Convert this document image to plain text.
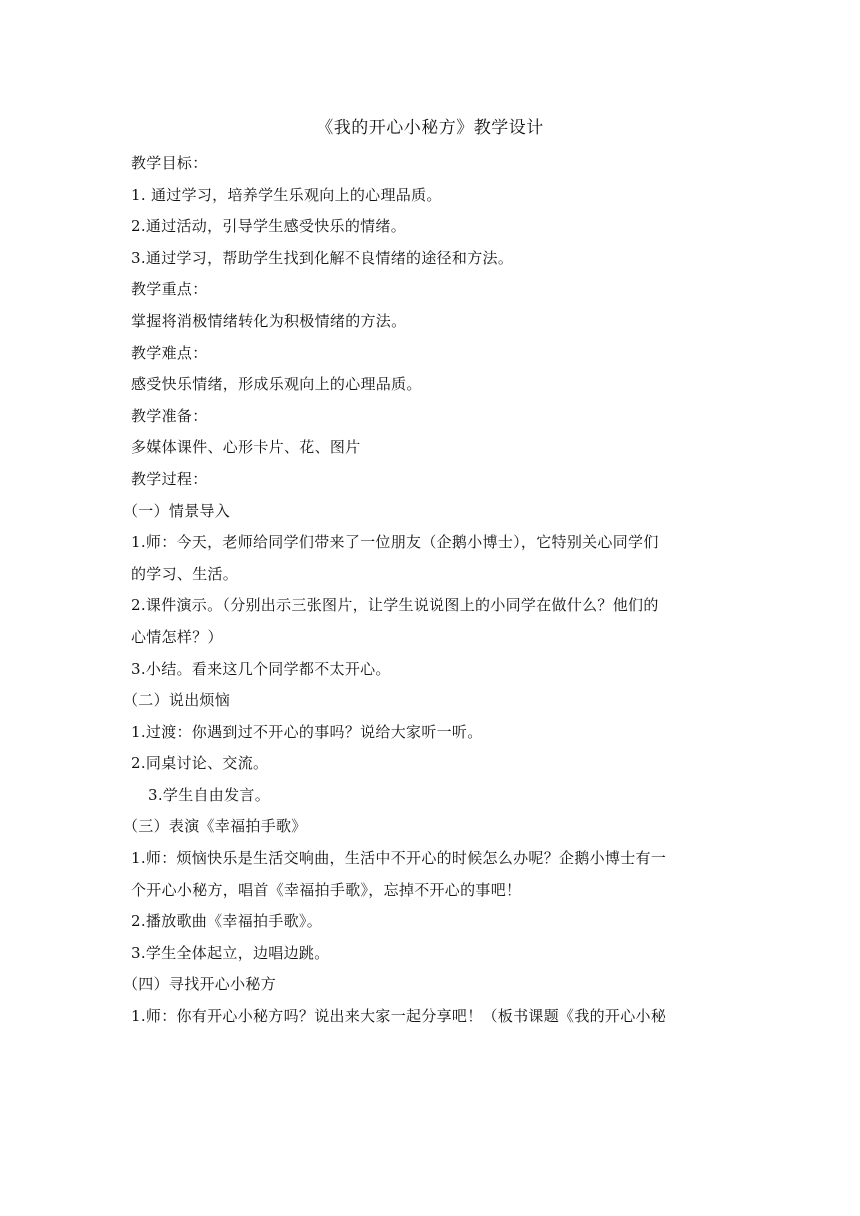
《我的开心小秘方》教学设计
教学目标：
1. 通过学习，培养学生乐观向上的心理品质。
2.通过活动，引导学生感受快乐的情绪。
3.通过学习，帮助学生找到化解不良情绪的途径和方法。
教学重点：
掌握将消极情绪转化为积极情绪的方法。
教学难点：
感受快乐情绪，形成乐观向上的心理品质。
教学准备：
多媒体课件、心形卡片、花、图片
教学过程：
（一）情景导入
1.师：今天，老师给同学们带来了一位朋友（企鹅小博士），它特别关心同学们
的学习、生活。
2.课件演示。（分别出示三张图片，让学生说说图上的小同学在做什么？他们的
心情怎样？）
3.小结。看来这几个同学都不太开心。
（二）说出烦恼
1.过渡：你遇到过不开心的事吗？说给大家听一听。
2.同桌讨论、交流。
3.学生自由发言。
（三）表演《幸福拍手歌》
1.师：烦恼快乐是生活交响曲，生活中不开心的时候怎么办呢？企鹅小博士有一
个开心小秘方，唱首《幸福拍手歌》，忘掉不开心的事吧！
2.播放歌曲《幸福拍手歌》。
3.学生全体起立，边唱边跳。
（四）寻找开心小秘方
1.师：你有开心小秘方吗？说出来大家一起分享吧！（板书课题《我的开心小秘
